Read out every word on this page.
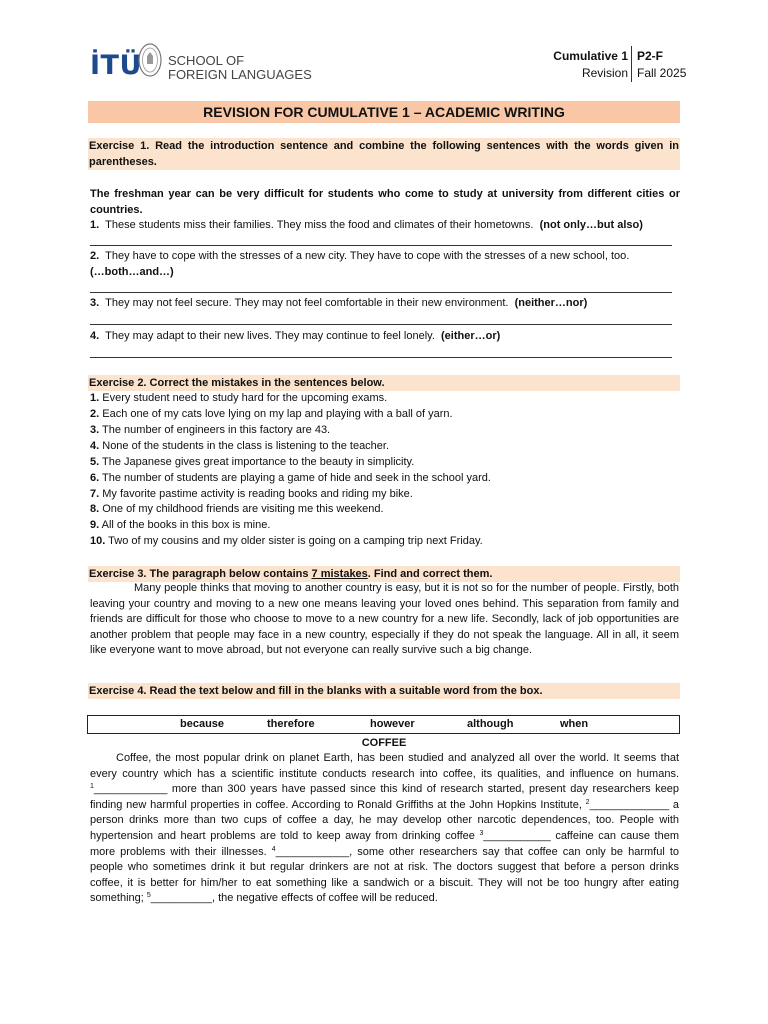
İTÜ SCHOOL OF
FOREIGN LANGUAGES
Cumulative 1
Revision
P2-F
Fall 2025
REVISION FOR CUMULATIVE 1 – ACADEMIC WRITING
Exercise 1. Read the introduction sentence and combine the following sentences with the words given in parentheses.
The freshman year can be very difficult for students who come to study at university from different cities or countries.
1. These students miss their families. They miss the food and climates of their hometowns. (not only…but also)
2. They have to cope with the stresses of a new city. They have to cope with the stresses of a new school, too.
(…both…and…)
3. They may not feel secure. They may not feel comfortable in their new environment. (neither…nor)
4. They may adapt to their new lives. They may continue to feel lonely. (either…or)
Exercise 2. Correct the mistakes in the sentences below.
1. Every student need to study hard for the upcoming exams.
2. Each one of my cats love lying on my lap and playing with a ball of yarn.
3. The number of engineers in this factory are 43.
4. None of the students in the class is listening to the teacher.
5. The Japanese gives great importance to the beauty in simplicity.
6. The number of students are playing a game of hide and seek in the school yard.
7. My favorite pastime activity is reading books and riding my bike.
8. One of my childhood friends are visiting me this weekend.
9. All of the books in this box is mine.
10. Two of my cousins and my older sister is going on a camping trip next Friday.
Exercise 3. The paragraph below contains 7 mistakes. Find and correct them.
Many people thinks that moving to another country is easy, but it is not so for the number of people. Firstly, both leaving your country and moving to a new one means leaving your loved ones behind. This separation from family and friends are difficult for those who choose to move to a new country for a new life. Secondly, lack of job opportunities are another problem that people may face in a new country, especially if they do not speak the language. All in all, it seem like everyone want to move abroad, but not everyone can really survive such a big change.
Exercise 4. Read the text below and fill in the blanks with a suitable word from the box.
because	therefore	however	although	when
COFFEE
Coffee, the most popular drink on planet Earth, has been studied and analyzed all over the world. It seems that every country which has a scientific institute conducts research into coffee, its qualities, and influence on humans. $^1$____________ more than 300 years have passed since this kind of research started, present day researchers keep finding new harmful properties in coffee. According to Ronald Griffiths at the John Hopkins Institute, $^2$_____________ a person drinks more than two cups of coffee a day, he may develop other narcotic dependences, too. People with hypertension and heart problems are told to keep away from drinking coffee $^3$___________ caffeine can cause them more problems with their illnesses. $^4$____________, some other researchers say that coffee can only be harmful to people who sometimes drink it but regular drinkers are not at risk. The doctors suggest that before a person drinks coffee, it is better for him/her to eat something like a sandwich or a biscuit. They will not be too hungry after eating something; $^5$__________, the negative effects of coffee will be reduced.
